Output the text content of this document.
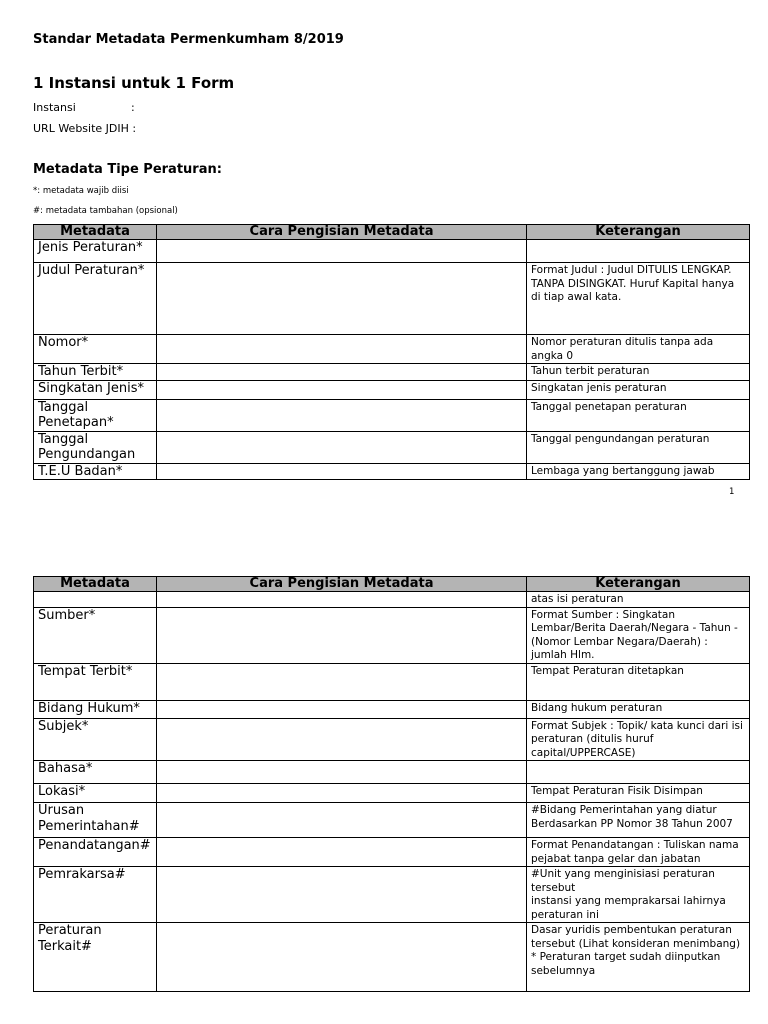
Standar Metadata Permenkumham 8/2019
1 Instansi untuk 1 Form
Instansi	:
URL Website JDIH :
Metadata Tipe Peraturan:
*: metadata wajib diisi
#: metadata tambahan (opsional)
Metadata	Cara Pengisian Metadata	Keterangan
Jenis Peraturan*		
Judul Peraturan*		Format Judul : Judul DITULIS LENGKAP. TANPA DISINGKAT. Huruf Kapital hanya di tiap awal kata.
Nomor*		Nomor peraturan ditulis tanpa ada angka 0
Tahun Terbit*		Tahun terbit peraturan
Singkatan Jenis*		Singkatan jenis peraturan
Tanggal Penetapan*		Tanggal penetapan peraturan
Tanggal Pengundangan		Tanggal pengundangan peraturan
T.E.U Badan*		Lembaga yang bertanggung jawab
1
Metadata	Cara Pengisian Metadata	Keterangan
		atas isi peraturan
Sumber*		Format Sumber : Singkatan Lembar/Berita Daerah/Negara - Tahun - (Nomor Lembar Negara/Daerah) : jumlah Hlm.
Tempat Terbit*		Tempat Peraturan ditetapkan
Bidang Hukum*		Bidang hukum peraturan
Subjek*		Format Subjek : Topik/ kata kunci dari isi peraturan (ditulis huruf capital/UPPERCASE)
Bahasa*		
Lokasi*		Tempat Peraturan Fisik Disimpan
Urusan Pemerintahan#		#Bidang Pemerintahan yang diatur Berdasarkan PP Nomor 38 Tahun 2007
Penandatangan#		Format Penandatangan : Tuliskan nama pejabat tanpa gelar dan jabatan
Pemrakarsa#		#Unit yang menginisiasi peraturan tersebut
instansi yang memprakarsai lahirnya peraturan ini
Peraturan Terkait#		Dasar yuridis pembentukan peraturan tersebut (Lihat konsideran menimbang)
* Peraturan target sudah diinputkan sebelumnya
